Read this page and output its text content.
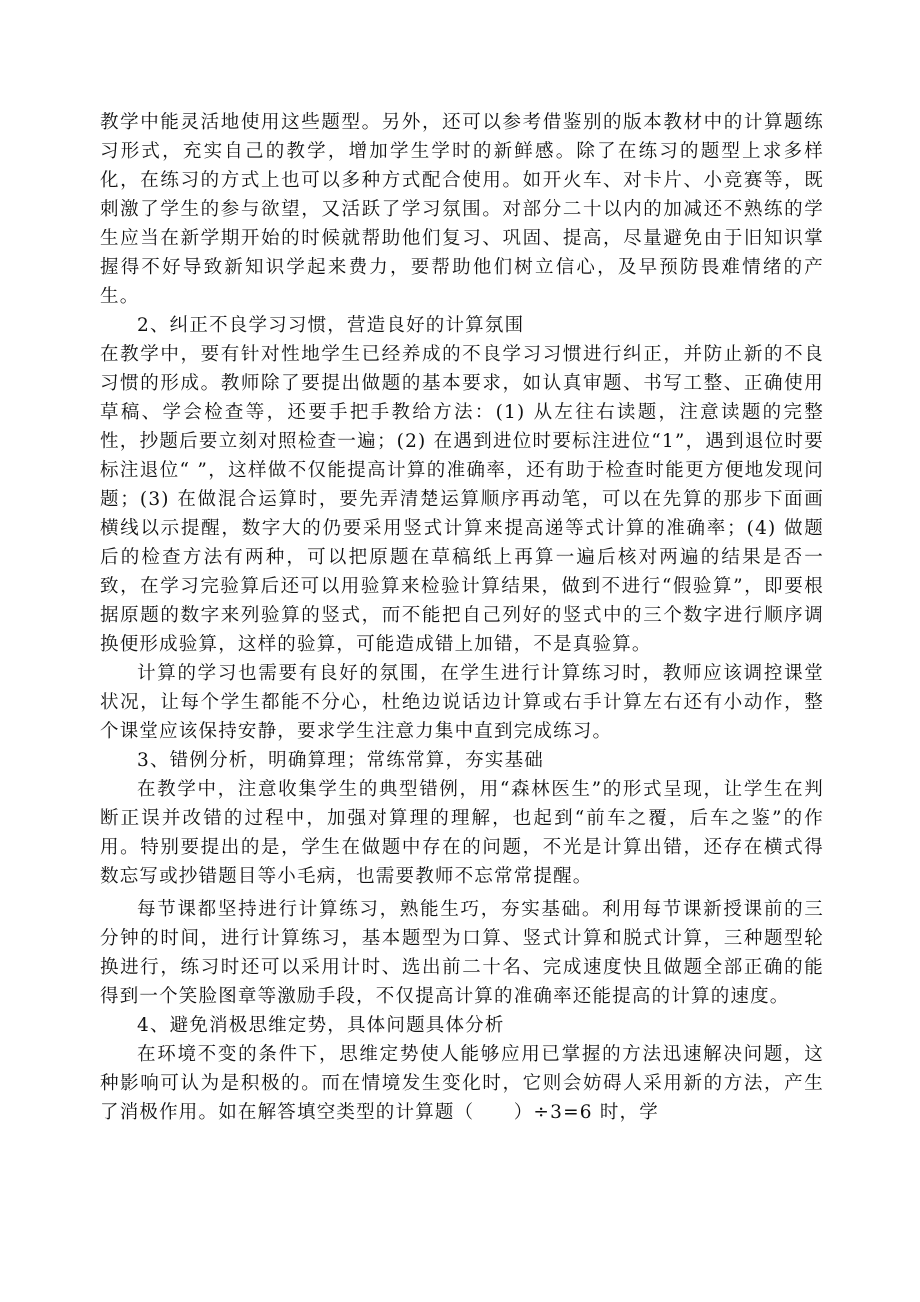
教学中能灵活地使用这些题型。另外，还可以参考借鉴别的版本教材中的计算题练习形式，充实自己的教学，增加学生学时的新鲜感。除了在练习的题型上求多样化，在练习的方式上也可以多种方式配合使用。如开火车、对卡片、小竞赛等，既刺激了学生的参与欲望，又活跃了学习氛围。对部分二十以内的加减还不熟练的学生应当在新学期开始的时候就帮助他们复习、巩固、提高，尽量避免由于旧知识掌握得不好导致新知识学起来费力，要帮助他们树立信心，及早预防畏难情绪的产生。

2、纠正不良学习习惯，营造良好的计算氛围

在教学中，要有针对性地学生已经养成的不良学习习惯进行纠正，并防止新的不良习惯的形成。教师除了要提出做题的基本要求，如认真审题、书写工整、正确使用草稿、学会检查等，还要手把手教给方法：(1) 从左往右读题，注意读题的完整性，抄题后要立刻对照检查一遍；(2) 在遇到进位时要标注进位“1”，遇到退位时要标注退位“ ”，这样做不仅能提高计算的准确率，还有助于检查时能更方便地发现问题；(3) 在做混合运算时，要先弄清楚运算顺序再动笔，可以在先算的那步下面画横线以示提醒，数字大的仍要采用竖式计算来提高递等式计算的准确率；(4) 做题后的检查方法有两种，可以把原题在草稿纸上再算一遍后核对两遍的结果是否一致，在学习完验算后还可以用验算来检验计算结果，做到不进行“假验算”，即要根据原题的数字来列验算的竖式，而不能把自己列好的竖式中的三个数字进行顺序调换便形成验算，这样的验算，可能造成错上加错，不是真验算。

计算的学习也需要有良好的氛围，在学生进行计算练习时，教师应该调控课堂状况，让每个学生都能不分心，杜绝边说话边计算或右手计算左右还有小动作，整个课堂应该保持安静，要求学生注意力集中直到完成练习。

3、错例分析，明确算理；常练常算，夯实基础

在教学中，注意收集学生的典型错例，用“森林医生”的形式呈现，让学生在判断正误并改错的过程中，加强对算理的理解，也起到“前车之覆，后车之鉴”的作用。特别要提出的是，学生在做题中存在的问题，不光是计算出错，还存在横式得数忘写或抄错题目等小毛病，也需要教师不忘常常提醒。

每节课都坚持进行计算练习，熟能生巧，夯实基础。利用每节课新授课前的三分钟的时间，进行计算练习，基本题型为口算、竖式计算和脱式计算，三种题型轮换进行，练习时还可以采用计时、选出前二十名、完成速度快且做题全部正确的能得到一个笑脸图章等激励手段，不仅提高计算的准确率还能提高的计算的速度。

4、避免消极思维定势，具体问题具体分析

在环境不变的条件下，思维定势使人能够应用已掌握的方法迅速解决问题，这种影响可认为是积极的。而在情境发生变化时，它则会妨碍人采用新的方法，产生了消极作用。如在解答填空类型的计算题（　　）÷3=6 时，学
